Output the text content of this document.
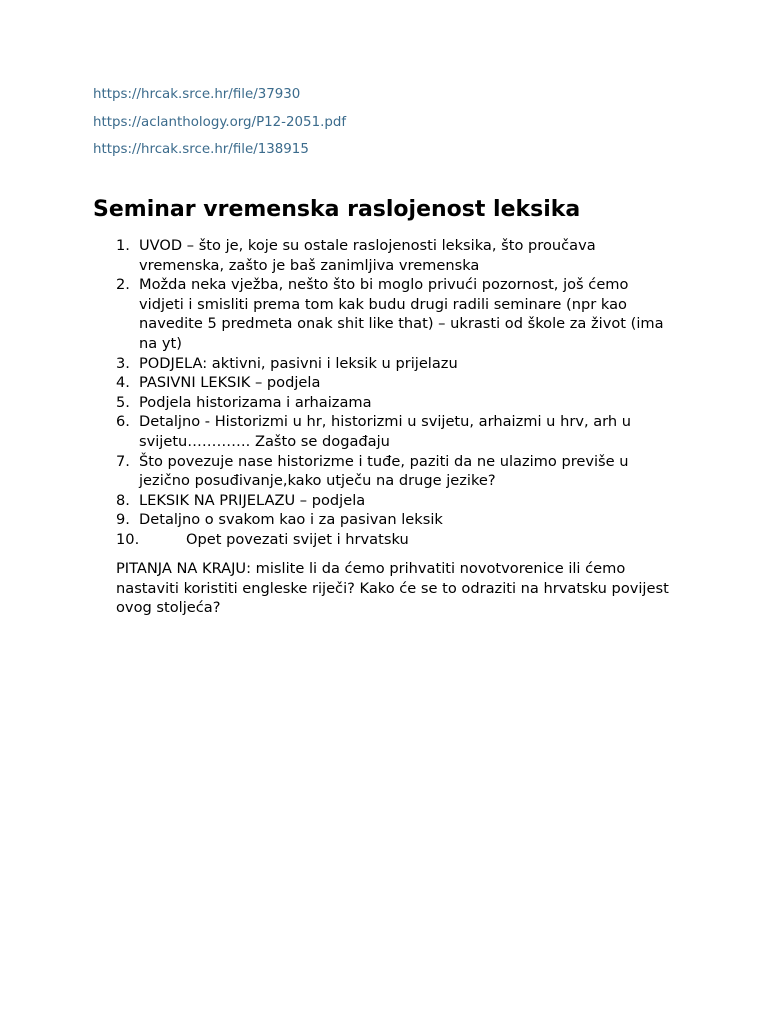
https://hrcak.srce.hr/file/37930
https://aclanthology.org/P12-2051.pdf
https://hrcak.srce.hr/file/138915
Seminar vremenska raslojenost leksika
1. UVOD – što je, koje su ostale raslojenosti leksika, što proučava vremenska, zašto je baš zanimljiva vremenska
2. Možda neka vježba, nešto što bi moglo privući pozornost, još ćemo vidjeti i smisliti prema tom kak budu drugi radili seminare (npr kao navedite 5 predmeta onak shit like that) – ukrasti od škole za život (ima na yt)
3. PODJELA: aktivni, pasivni i leksik u prijelazu
4. PASIVNI LEKSIK – podjela
5. Podjela historizama i arhaizama
6. Detaljno - Historizmi u hr, historizmi u svijetu, arhaizmi u hrv, arh u svijetu…………. Zašto se događaju
7. Što povezuje nase historizme i tuđe, paziti da ne ulazimo previše u jezično posuđivanje,kako utječu na druge jezike?
8. LEKSIK NA PRIJELAZU – podjela
9. Detaljno o svakom kao i za pasivan leksik
10.	Opet povezati svijet i hrvatsku

PITANJA NA KRAJU: mislite li da ćemo prihvatiti novotvorenice ili ćemo nastaviti koristiti engleske riječi? Kako će se to odraziti na hrvatsku povijest ovog stoljeća?
